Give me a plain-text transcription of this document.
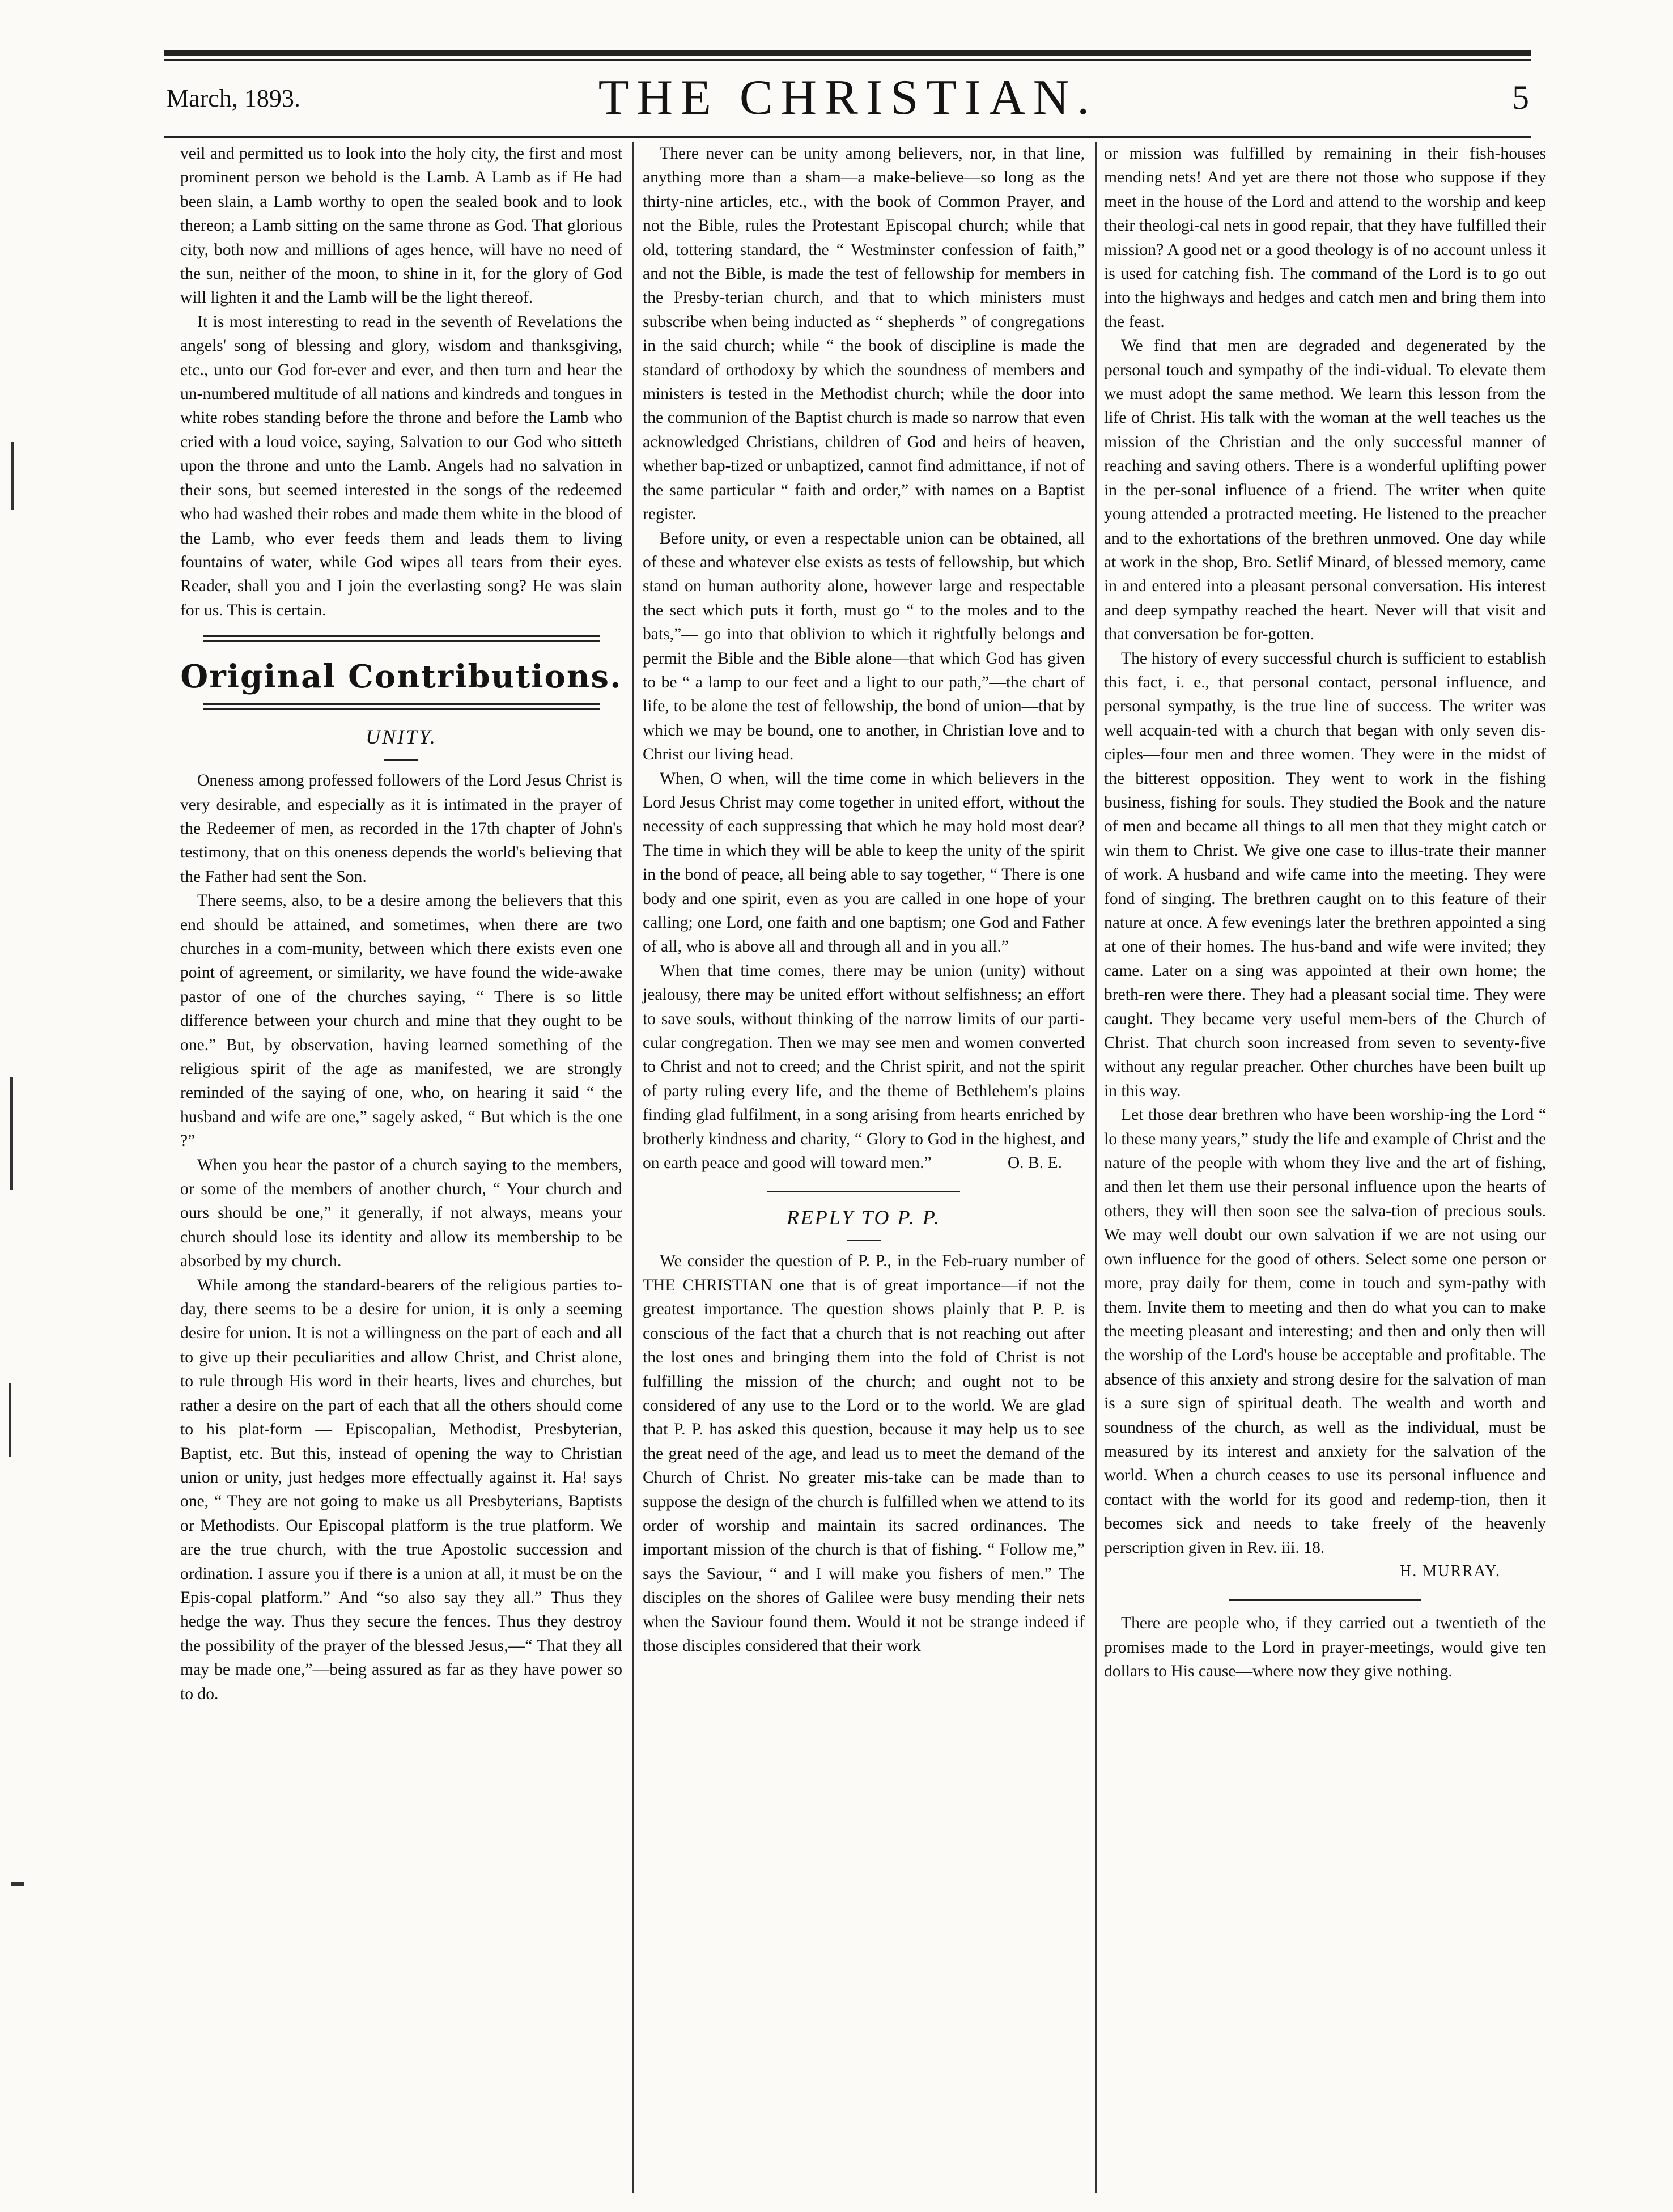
March, 1893.	THE CHRISTIAN.	5

veil and permitted us to look into the holy city, the first and most prominent person we behold is the Lamb. A Lamb as if He had been slain, a Lamb worthy to open the sealed book and to look thereon; a Lamb sitting on the same throne as God. That glorious city, both now and millions of ages hence, will have no need of the sun, neither of the moon, to shine in it, for the glory of God will lighten it and the Lamb will be the light thereof.

It is most interesting to read in the seventh of Revelations the angels' song of blessing and glory, wisdom and thanksgiving, etc., unto our God for-ever and ever, and then turn and hear the un-numbered multitude of all nations and kindreds and tongues in white robes standing before the throne and before the Lamb who cried with a loud voice, saying, Salvation to our God who sitteth upon the throne and unto the Lamb. Angels had no salvation in their sons, but seemed interested in the songs of the redeemed who had washed their robes and made them white in the blood of the Lamb, who ever feeds them and leads them to living fountains of water, while God wipes all tears from their eyes. Reader, shall you and I join the everlasting song? He was slain for us. This is certain.

Original Contributions.
UNITY.

Oneness among professed followers of the Lord Jesus Christ is very desirable, and especially as it is intimated in the prayer of the Redeemer of men, as recorded in the 17th chapter of John's testimony, that on this oneness depends the world's believing that the Father had sent the Son.

There seems, also, to be a desire among the believers that this end should be attained, and sometimes, when there are two churches in a com-munity, between which there exists even one point of agreement, or similarity, we have found the wide-awake pastor of one of the churches saying, “ There is so little difference between your church and mine that they ought to be one.” But, by observation, having learned something of the religious spirit of the age as manifested, we are strongly reminded of the saying of one, who, on hearing it said “ the husband and wife are one,” sagely asked, “ But which is the one ?”

When you hear the pastor of a church saying to the members, or some of the members of another church, “ Your church and ours should be one,” it generally, if not always, means your church should lose its identity and allow its membership to be absorbed by my church.

While among the standard-bearers of the religious parties to-day, there seems to be a desire for union, it is only a seeming desire for union. It is not a willingness on the part of each and all to give up their peculiarities and allow Christ, and Christ alone, to rule through His word in their hearts, lives and churches, but rather a desire on the part of each that all the others should come to his plat-form — Episcopalian, Methodist, Presbyterian, Baptist, etc. But this, instead of opening the way to Christian union or unity, just hedges more effectually against it. Ha! says one, “ They are not going to make us all Presbyterians, Baptists or Methodists. Our Episcopal platform is the true platform. We are the true church, with the true Apostolic succession and ordination. I assure you if there is a union at all, it must be on the Epis-copal platform.” And “so also say they all.” Thus they hedge the way. Thus they secure the fences. Thus they destroy the possibility of the prayer of the blessed Jesus,—“ That they all may be made one,”—being assured as far as they have power so to do.

There never can be unity among believers, nor, in that line, anything more than a sham—a make-believe—so long as the thirty-nine articles, etc., with the book of Common Prayer, and not the Bible, rules the Protestant Episcopal church; while that old, tottering standard, the “ Westminster confession of faith,” and not the Bible, is made the test of fellowship for members in the Presby-terian church, and that to which ministers must subscribe when being inducted as “ shepherds ” of congregations in the said church; while “ the book of discipline is made the standard of orthodoxy by which the soundness of members and ministers is tested in the Methodist church; while the door into the communion of the Baptist church is made so narrow that even acknowledged Christians, children of God and heirs of heaven, whether bap-tized or unbaptized, cannot find admittance, if not of the same particular “ faith and order,” with names on a Baptist register.

Before unity, or even a respectable union can be obtained, all of these and whatever else exists as tests of fellowship, but which stand on human authority alone, however large and respectable the sect which puts it forth, must go “ to the moles and to the bats,”— go into that oblivion to which it rightfully belongs and permit the Bible and the Bible alone—that which God has given to be “ a lamp to our feet and a light to our path,”—the chart of life, to be alone the test of fellowship, the bond of union—that by which we may be bound, one to another, in Christian love and to Christ our living head.

When, O when, will the time come in which believers in the Lord Jesus Christ may come together in united effort, without the necessity of each suppressing that which he may hold most dear? The time in which they will be able to keep the unity of the spirit in the bond of peace, all being able to say together, “ There is one body and one spirit, even as you are called in one hope of your calling; one Lord, one faith and one baptism; one God and Father of all, who is above all and through all and in you all.”

When that time comes, there may be union (unity) without jealousy, there may be united effort without selfishness; an effort to save souls, without thinking of the narrow limits of our parti-cular congregation. Then we may see men and women converted to Christ and not to creed; and the Christ spirit, and not the spirit of party ruling every life, and the theme of Bethlehem's plains finding glad fulfilment, in a song arising from hearts enriched by brotherly kindness and charity, “ Glory to God in the highest, and on earth peace and good will toward men.”	O. B. E.

REPLY TO P. P.

We consider the question of P. P., in the Feb-ruary number of THE CHRISTIAN one that is of great importance—if not the greatest importance. The question shows plainly that P. P. is conscious of the fact that a church that is not reaching out after the lost ones and bringing them into the fold of Christ is not fulfilling the mission of the church; and ought not to be considered of any use to the Lord or to the world. We are glad that P. P. has asked this question, because it may help us to see the great need of the age, and lead us to meet the demand of the Church of Christ. No greater mis-take can be made than to suppose the design of the church is fulfilled when we attend to its order of worship and maintain its sacred ordinances. The important mission of the church is that of fishing. “ Follow me,” says the Saviour, “ and I will make you fishers of men.” The disciples on the shores of Galilee were busy mending their nets when the Saviour found them. Would it not be strange indeed if those disciples considered that their work

or mission was fulfilled by remaining in their fish-houses mending nets! And yet are there not those who suppose if they meet in the house of the Lord and attend to the worship and keep their theologi-cal nets in good repair, that they have fulfilled their mission? A good net or a good theology is of no account unless it is used for catching fish. The command of the Lord is to go out into the highways and hedges and catch men and bring them into the feast.

We find that men are degraded and degenerated by the personal touch and sympathy of the indi-vidual. To elevate them we must adopt the same method. We learn this lesson from the life of Christ. His talk with the woman at the well teaches us the mission of the Christian and the only successful manner of reaching and saving others. There is a wonderful uplifting power in the per-sonal influence of a friend. The writer when quite young attended a protracted meeting. He listened to the preacher and to the exhortations of the brethren unmoved. One day while at work in the shop, Bro. Setlif Minard, of blessed memory, came in and entered into a pleasant personal conversation. His interest and deep sympathy reached the heart. Never will that visit and that conversation be for-gotten.

The history of every successful church is sufficient to establish this fact, i. e., that personal contact, personal influence, and personal sympathy, is the true line of success. The writer was well acquain-ted with a church that began with only seven dis-ciples—four men and three women. They were in the midst of the bitterest opposition. They went to work in the fishing business, fishing for souls. They studied the Book and the nature of men and became all things to all men that they might catch or win them to Christ. We give one case to illus-trate their manner of work. A husband and wife came into the meeting. They were fond of singing. The brethren caught on to this feature of their nature at once. A few evenings later the brethren appointed a sing at one of their homes. The hus-band and wife were invited; they came. Later on a sing was appointed at their own home; the breth-ren were there. They had a pleasant social time. They were caught. They became very useful mem-bers of the Church of Christ. That church soon increased from seven to seventy-five without any regular preacher. Other churches have been built up in this way.

Let those dear brethren who have been worship-ing the Lord “ lo these many years,” study the life and example of Christ and the nature of the people with whom they live and the art of fishing, and then let them use their personal influence upon the hearts of others, they will then soon see the salva-tion of precious souls. We may well doubt our own salvation if we are not using our own influence for the good of others. Select some one person or more, pray daily for them, come in touch and sym-pathy with them. Invite them to meeting and then do what you can to make the meeting pleasant and interesting; and then and only then will the worship of the Lord's house be acceptable and profitable. The absence of this anxiety and strong desire for the salvation of man is a sure sign of spiritual death. The wealth and worth and soundness of the church, as well as the individual, must be measured by its interest and anxiety for the salvation of the world. When a church ceases to use its personal influence and contact with the world for its good and redemp-tion, then it becomes sick and needs to take freely of the heavenly perscription given in Rev. iii. 18.

H. MURRAY.

There are people who, if they carried out a twentieth of the promises made to the Lord in prayer-meetings, would give ten dollars to His cause—where now they give nothing.
